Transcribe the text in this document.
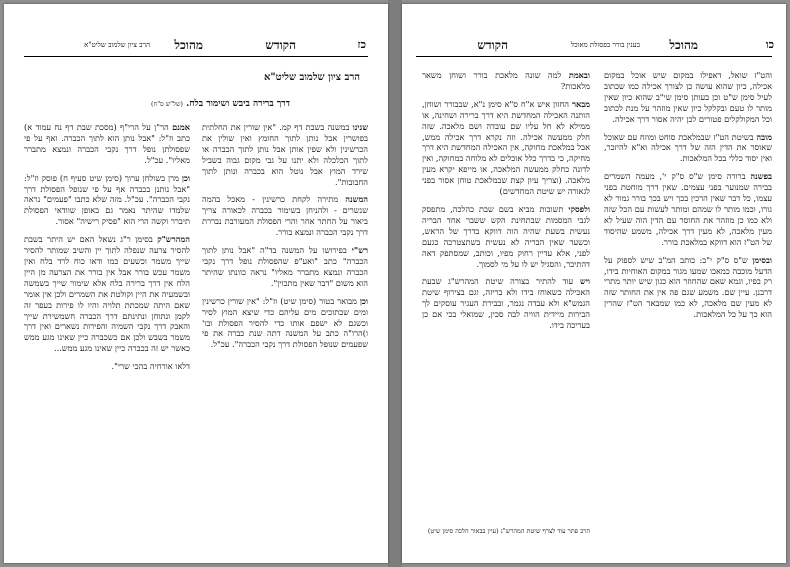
כז
הקודש
מהוכל
הרב ציון שלמוב שליט"א
הרב ציון שלמוב שליט"א
דרך ברירה ביבש ושימור בלח. (של"ש ס"ח)

שנינו במשנה בשבת דף קמ. "אין שורין את החלתית בפושרין אבל נותן לתוך החומץ ואין שולין את הכרשינין ולא שפין אותן אבל נותן לתוך הכברה או לתוך הכלכלה ולא יתנו על גבי מקום גבוה בשביל שירד המוץ אבל נוטל הוא בכברה ונותן לתוך החבובות".

המשנה מתירה לקחת כרשינין - מאכל בהמה שנשרים - ולהניחן בשימור בכברה לכאורה צריך ביאור על החתר אחר והרי הפסולת המעורבת נבררת דרך נקבי הכברה ונמצא בורר.

רש"י בפירושו על המשנה בד"ה "אבל נותן לתוך הכברה" כתב "ואע"פ שהפסולת נופל דרך נקבי הכברה ונמצא מתברר מאליו" נראה כוונתו שהיתר הוא משום "דבר שאין מתכוין".

וכן מבואר בטור (סימן שיט) וז"ל: "אין שורין כרשינין ומים שבתוכים מים עליהם כדי שיצא המוץ לסיר וכשגם לא ישפם אותו כדי להסיר הפסולת ובו' ו)הרו"ה כתב על המשנה דתה שנת כברה את פי שפעמים שנופל הפסולת דרך נקבי הכברה". עכ"ל.

אמנם הר"ן על הרי"ף (מסכת שבת דף נח עמוד א) כתב וז"ל: "אבל נותן הוא לתוך הכברה. ואף על פי שפסולתן נופל דרך נקבי הכברה ונמצא מתברר מאליו". עכ"ל.

וכן מרן בשולחן ערוך (סימן שיט סעיף ח) פוסק וז"ל: "אבל נותנן בכברה אף על פי שנופל הפסולת דרך נקבי הכברה". עכ"ל. מזה שלא כתבו "פעמים" נראה שלמדו שהיתר נאמר גם באופן שוודאי הפסולת תיברר וקשה הרי הוא "פסיק רישיה" אסור.

המהרש"ק בסימן ר"ג נשאל האם יש היתר בשבת להסיר צרעה שנפלה לתוך יין והשיב שמותר להסיר שייך משמר וכשעים כמו ודאו כוח לרד בלח ואין משמר עכש בורר אבל אין בורר את הצרעה מן היין הלח אין דרך ברירה בלח אלא שימור שייך בשמשה ובשמעיה את היין וקולטת את השמרים ולכן אין אומר שאם היתה שמכתת תלויה והיו לו פירות בעפר זה לקמן ונתוחן ונתינתם דרך הכברה חשמשירת שייך והאבק דרך נקבי השמיה והפירות נשארים ואין דרך משמר בשבש ולכן אם כשכברה כיין שאינו מגע ממש כאשר יש זה בכברה כיין שאינו מגע ממש...

דלאו אורחיה בהכי שרי".

כו
מהוכל
בענין בורר בפסולת מאוכל
הקודש

והט"ז שואל, דאפילו במקום שיש אוכל במקום אכילה, כיון שהוא עושה כן לצורך אכילה כמו שכתוב לעיל סימן ש"ט וכן בעותן סימן שי"ב שהוא כיון שאין מותר לו טעם ובקלקל כיון שאין מוזהר על מנת לכתוב וכל המקולקלים פטורים לכן יהיה אסור דרך אכילה.

מובה בשיטת הט"ז שבמלאכת סוחט ומוזח עם שאוכל שאוסר את הדין הזה של דרך אכילה וא"א להיזכר, ואין יסוד כללי בכל המלאכות.

בפשנה ברורה סימן ש"ס ס"ק י', מעמה השמרים בבירה שמנוער בפני עצמים. שאין דרך מוחטת בפני עצמו, כל דבר שאין הרכין בכך ויש בכך בורר גמור לא גורו, וכמו מותר לו שמהם ומותר לעשות עם הכל שזה ולא כמו כן מוזהר את החוסר עם הדין הוה שעיל לא מעין מלאכה, לא מעין דרך אכילה, משמע שהיסוד של הט"ז הוא דווקא במלאכת בורר.

ובסימן ש"ס ס"ק י"ב: כותב המ"ב שיש לספוק על הדעל מוכבה כמאכו שמעו מגור במקום האוחיות בידו, רק בפיו, וגמא שאם שהחוזר הוא כגון שיש יותר מתרי דרבנן. עיין שם. משמע שגם פה אין את החותר שזה לא מעין שם מלאכה, לא כמו שמבאר הט"ז שהרין הוא כך על כל המלאכות.

ובאמת למה שונה מלאכת בורר ושוחן משאר מלאכות?

מבאר החזון איש א"ח ס"א סימן נ"א, שבבורר ושוחן, הותנה האכילה המחדשת היא דרך ברירה ושחינה, או ממילא לא חל עליו שם עובדה ושם מלאכה. שזה חלק ממעשה אכילה. וזה נקרא דרך אכילה ממש, אבל במלאכת מחוקה, אין האכילה המחדשת היא דרך מחיקה, כי בדרך כלל אוכלים לא מלוחה במחוקה, ואין לדונה כחלק ממעשה המלאכה, או מייפא יקרא מעין מלאכה. (וצריך עיון קצת שבמלאכת טוחן אסור בפני לגאורה יש שיטת המחדשים)

ולפסקי תשובות מביא בשם שבת כהלכה, מתפסק לגבי המסמות שבתחינת הקש ששבר אחד הבריה נעשית בשעת שהיה הוה דווקא בדרך של הראש, וכשעד שאין הבריה לא נעשית בשתצטרכה כגעם לפני, אלא עדיין רחוק מפיו, וכותב, שמסתפק דאה דהתיכר, והסגיל יש לו על מי לסמוך.

ויש עוד להתיר בצורה שיטת המהרש"ג שבעת האכילה כשאוחז בידו ולא בריזה, וגם בצירוף שיטת הגמש"א ולא עבדה נגמר, ובבירת העגיר עוסקים לך הבירות מיידית הוויה לבה סכין, שמואלי בכי אם כן בעריכה בידו.

הרב פתר עוד לצרף שיטת המהרש"ג (עיין בבאור הלכה סימן שיט)
